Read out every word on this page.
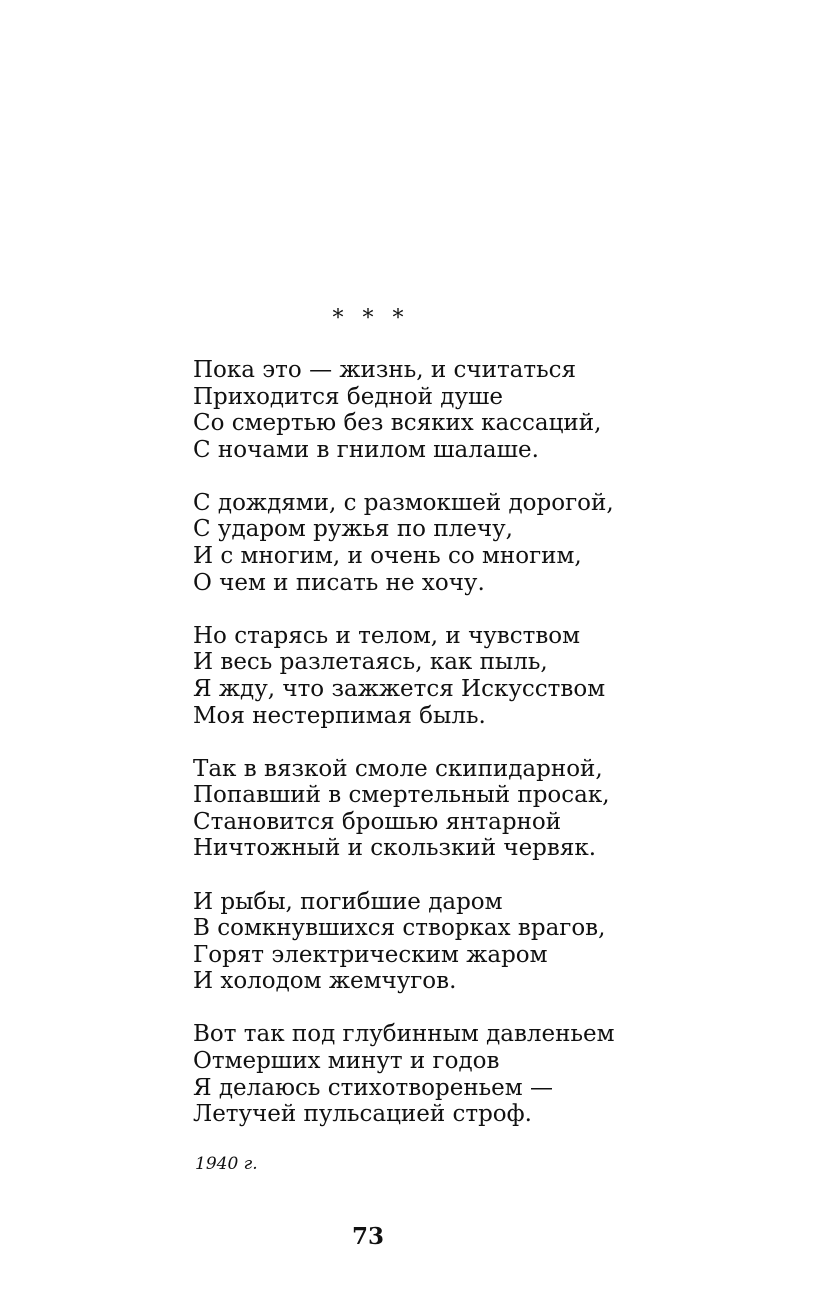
* * *
Пока это — жизнь, и считаться
Приходится бедной душе
Со смертью без всяких кассаций,
С ночами в гнилом шалаше.
С дождями, с размокшей дорогой,
С ударом ружья по плечу,
И с многим, и очень со многим,
О чем и писать не хочу.
Но старясь и телом, и чувством
И весь разлетаясь, как пыль,
Я жду, что зажжется Искусством
Моя нестерпимая быль.
Так в вязкой смоле скипидарной,
Попавший в смертельный просак,
Становится брошью янтарной
Ничтожный и скользкий червяк.
И рыбы, погибшие даром
В сомкнувшихся створках врагов,
Горят электрическим жаром
И холодом жемчугов.
Вот так под глубинным давленьем
Отмерших минут и годов
Я делаюсь стихотвореньем —
Летучей пульсацией строф.
1940 г.
73
